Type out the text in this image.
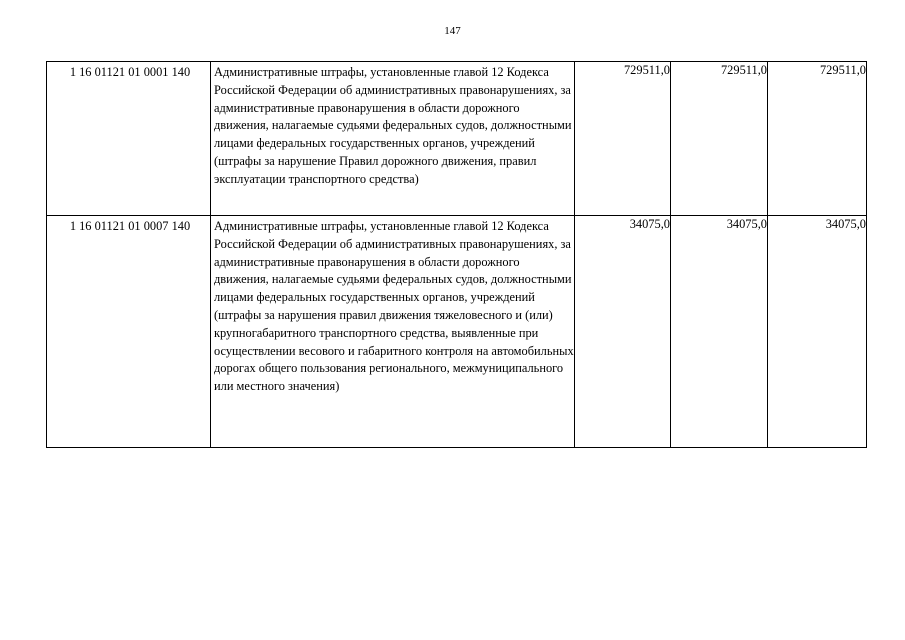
147
1 16 01121 01 0001 140	Административные штрафы, установленные главой 12 Кодекса Российской Федерации об административных правонарушениях, за административные правонарушения в области дорожного движения, налагаемые судьями федеральных судов, должностными лицами федеральных государственных органов, учреждений (штрафы за нарушение Правил дорожного движения, правил эксплуатации транспортного средства)	729511,0	729511,0	729511,0

1 16 01121 01 0007 140	Административные штрафы, установленные главой 12 Кодекса Российской Федерации об административных правонарушениях, за административные правонарушения в области дорожного движения, налагаемые судьями федеральных судов, должностными лицами федеральных государственных органов, учреждений (штрафы за нарушения правил движения тяжеловесного и (или) крупногабаритного транспортного средства, выявленные при осуществлении весового и габаритного контроля на автомобильных дорогах общего пользования регионального, межмуниципального или местного значения)	34075,0	34075,0	34075,0
